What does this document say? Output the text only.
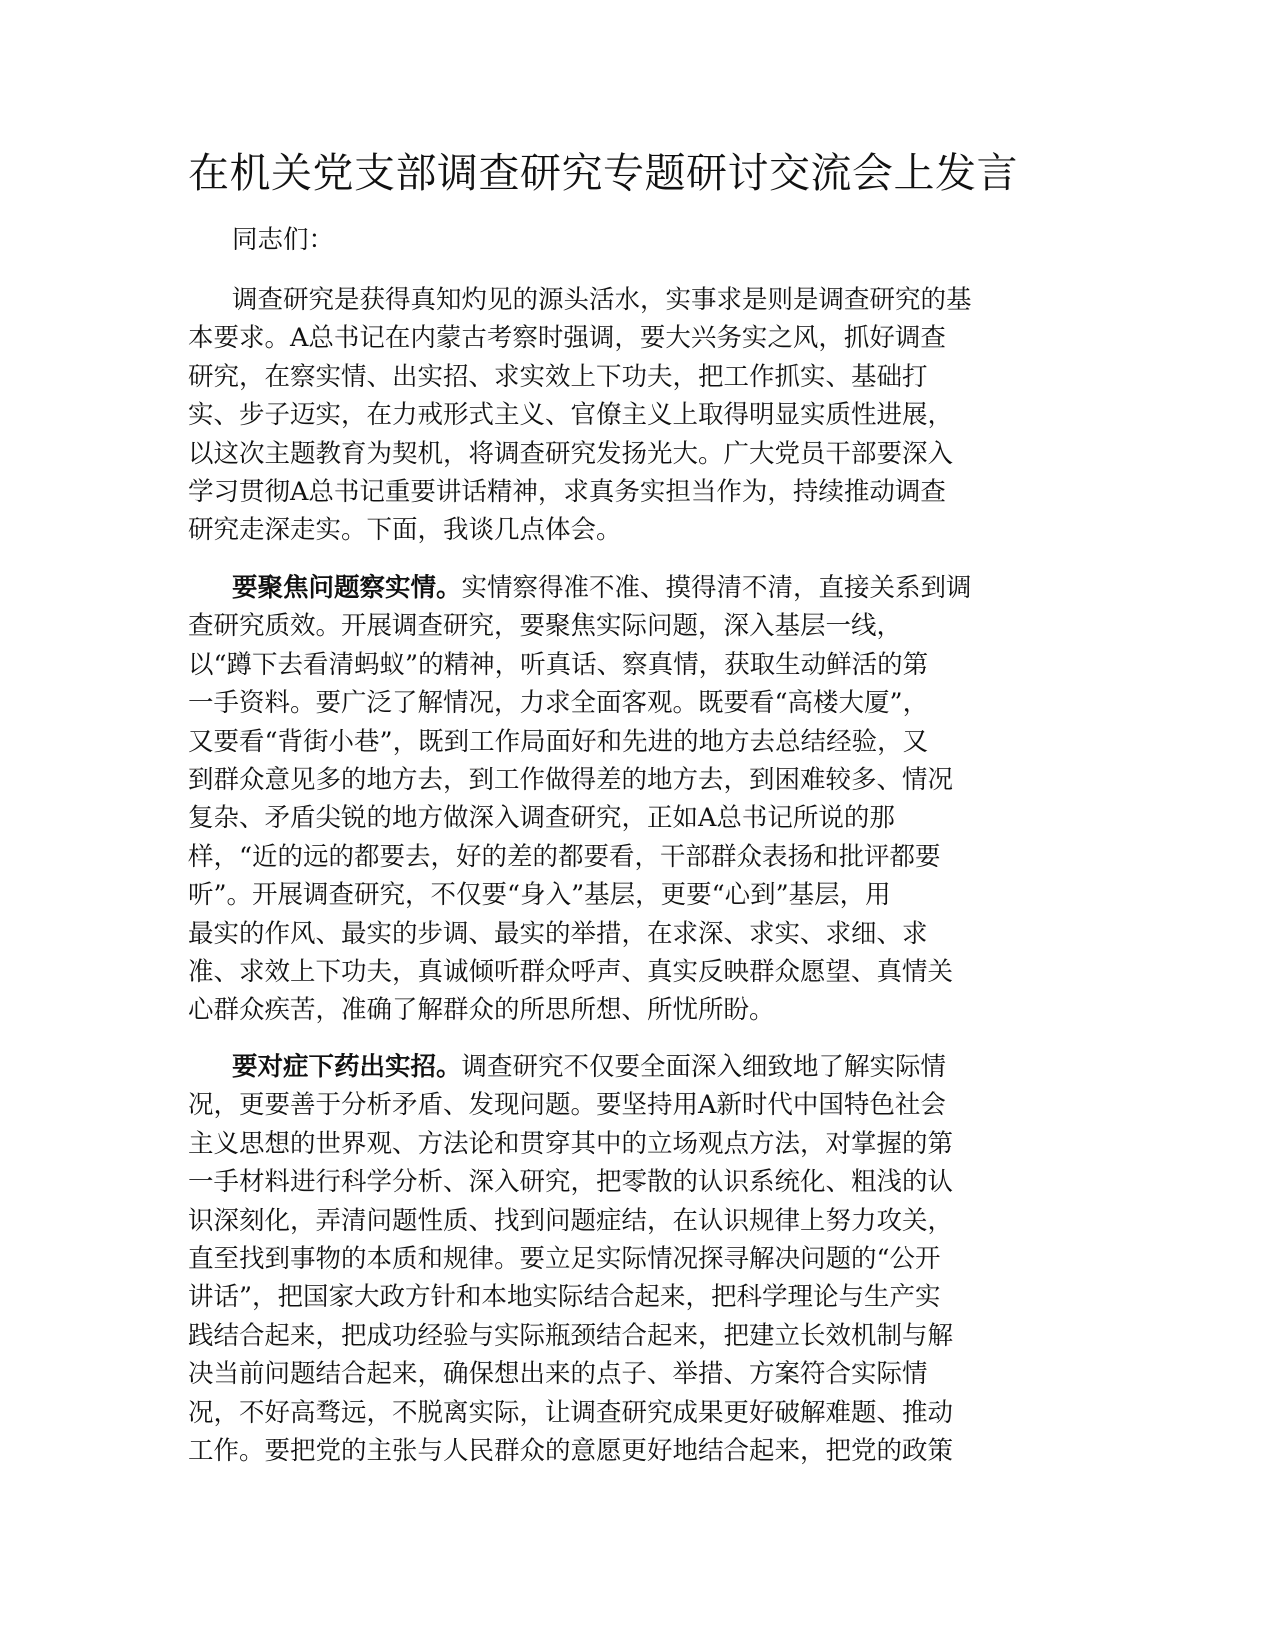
在机关党支部调查研究专题研讨交流会上发言

同志们：

调查研究是获得真知灼见的源头活水，实事求是则是调查研究的基
本要求。A总书记在内蒙古考察时强调，要大兴务实之风，抓好调查
研究，在察实情、出实招、求实效上下功夫，把工作抓实、基础打
实、步子迈实，在力戒形式主义、官僚主义上取得明显实质性进展，
以这次主题教育为契机，将调查研究发扬光大。广大党员干部要深入
学习贯彻A总书记重要讲话精神，求真务实担当作为，持续推动调查
研究走深走实。下面，我谈几点体会。
要聚焦问题察实情。实情察得准不准、摸得清不清，直接关系到调
查研究质效。开展调查研究，要聚焦实际问题，深入基层一线，
以“蹲下去看清蚂蚁”的精神，听真话、察真情，获取生动鲜活的第
一手资料。要广泛了解情况，力求全面客观。既要看“高楼大厦”，
又要看“背街小巷”，既到工作局面好和先进的地方去总结经验，又
到群众意见多的地方去，到工作做得差的地方去，到困难较多、情况
复杂、矛盾尖锐的地方做深入调查研究，正如A总书记所说的那
样，“近的远的都要去，好的差的都要看，干部群众表扬和批评都要
听”。开展调查研究，不仅要“身入”基层，更要“心到”基层，用
最实的作风、最实的步调、最实的举措，在求深、求实、求细、求
准、求效上下功夫，真诚倾听群众呼声、真实反映群众愿望、真情关
心群众疾苦，准确了解群众的所思所想、所忧所盼。
要对症下药出实招。调查研究不仅要全面深入细致地了解实际情
况，更要善于分析矛盾、发现问题。要坚持用A新时代中国特色社会
主义思想的世界观、方法论和贯穿其中的立场观点方法，对掌握的第
一手材料进行科学分析、深入研究，把零散的认识系统化、粗浅的认
识深刻化，弄清问题性质、找到问题症结，在认识规律上努力攻关，
直至找到事物的本质和规律。要立足实际情况探寻解决问题的“公开
讲话”，把国家大政方针和本地实际结合起来，把科学理论与生产实
践结合起来，把成功经验与实际瓶颈结合起来，把建立长效机制与解
决当前问题结合起来，确保想出来的点子、举措、方案符合实际情
况，不好高骛远，不脱离实际，让调查研究成果更好破解难题、推动
工作。要把党的主张与人民群众的意愿更好地结合起来，把党的政策
